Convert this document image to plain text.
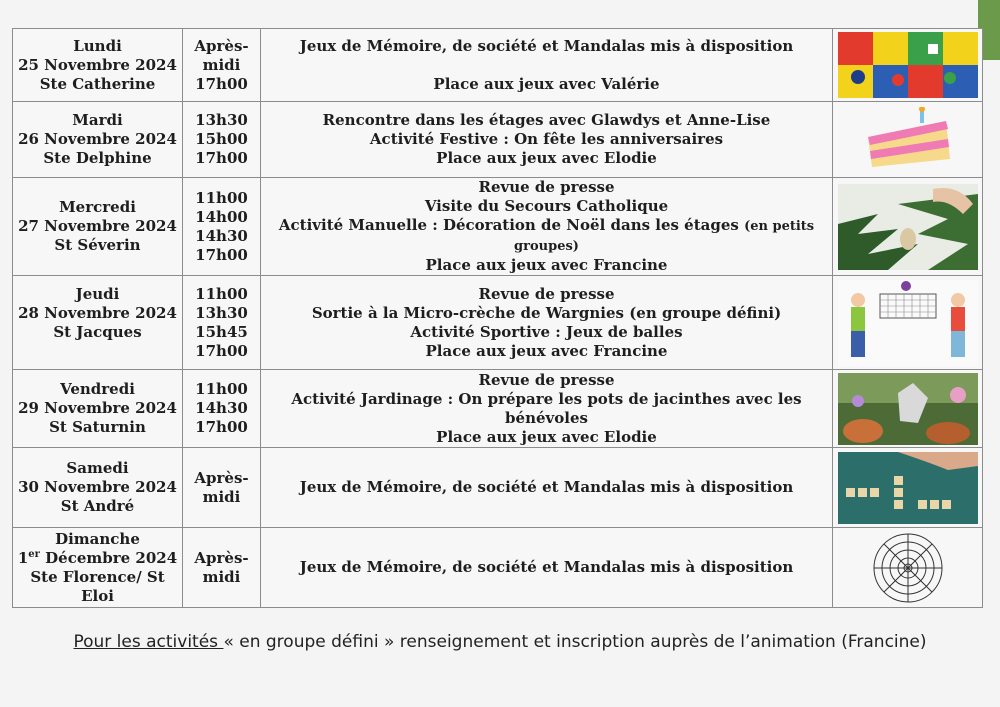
Lundi
25 Novembre 2024
Ste Catherine	Après-
midi
17h00	Jeux de Mémoire, de société et Mandalas mis à disposition
Place aux jeux avec Valérie

Mardi
26 Novembre 2024
Ste Delphine	13h30
15h00
17h00	Rencontre dans les étages avec Glawdys et Anne-Lise
Activité Festive : On fête les anniversaires
Place aux jeux avec Elodie

Mercredi
27 Novembre 2024
St Séverin	11h00
14h00
14h30
17h00	Revue de presse
Visite du Secours Catholique
Activité Manuelle : Décoration de Noël dans les étages (en petits groupes)
Place aux jeux avec Francine

Jeudi
28 Novembre 2024
St Jacques	11h00
13h30
15h45
17h00	Revue de presse
Sortie à la Micro-crèche de Wargnies (en groupe défini)
Activité Sportive : Jeux de balles
Place aux jeux avec Francine

Vendredi
29 Novembre 2024
St Saturnin	11h00
14h30
17h00	Revue de presse
Activité Jardinage : On prépare les pots de jacinthes avec les bénévoles
Place aux jeux avec Elodie

Samedi
30 Novembre 2024
St André	Après-
midi	Jeux de Mémoire, de société et Mandalas mis à disposition

Dimanche
1er Décembre 2024
Ste Florence/ St Eloi	Après-
midi	Jeux de Mémoire, de société et Mandalas mis à disposition

Pour les activités « en groupe défini » renseignement et inscription auprès de l’animation (Francine)
